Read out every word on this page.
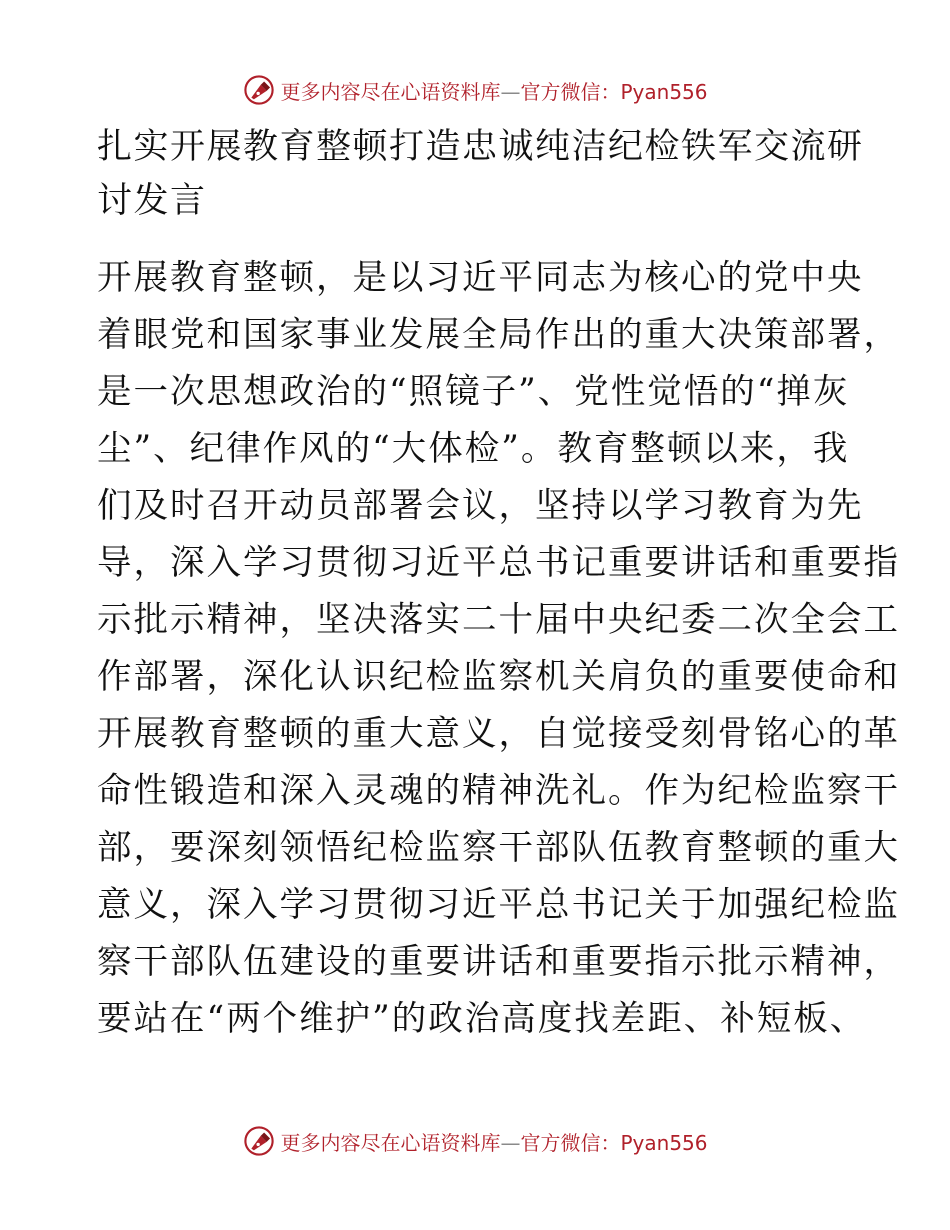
更多内容尽在心语资料库—官方微信：Pyan556
扎实开展教育整顿打造忠诚纯洁纪检铁军交流研
讨发言
开展教育整顿，是以习近平同志为核心的党中央
着眼党和国家事业发展全局作出的重大决策部署，
是一次思想政治的“照镜子”、党性觉悟的“掸灰
尘”、纪律作风的“大体检”。教育整顿以来，我
们及时召开动员部署会议，坚持以学习教育为先
导，深入学习贯彻习近平总书记重要讲话和重要指
示批示精神，坚决落实二十届中央纪委二次全会工
作部署，深化认识纪检监察机关肩负的重要使命和
开展教育整顿的重大意义，自觉接受刻骨铭心的革
命性锻造和深入灵魂的精神洗礼。作为纪检监察干
部，要深刻领悟纪检监察干部队伍教育整顿的重大
意义，深入学习贯彻习近平总书记关于加强纪检监
察干部队伍建设的重要讲话和重要指示批示精神，
要站在“两个维护”的政治高度找差距、补短板、
更多内容尽在心语资料库—官方微信：Pyan556
